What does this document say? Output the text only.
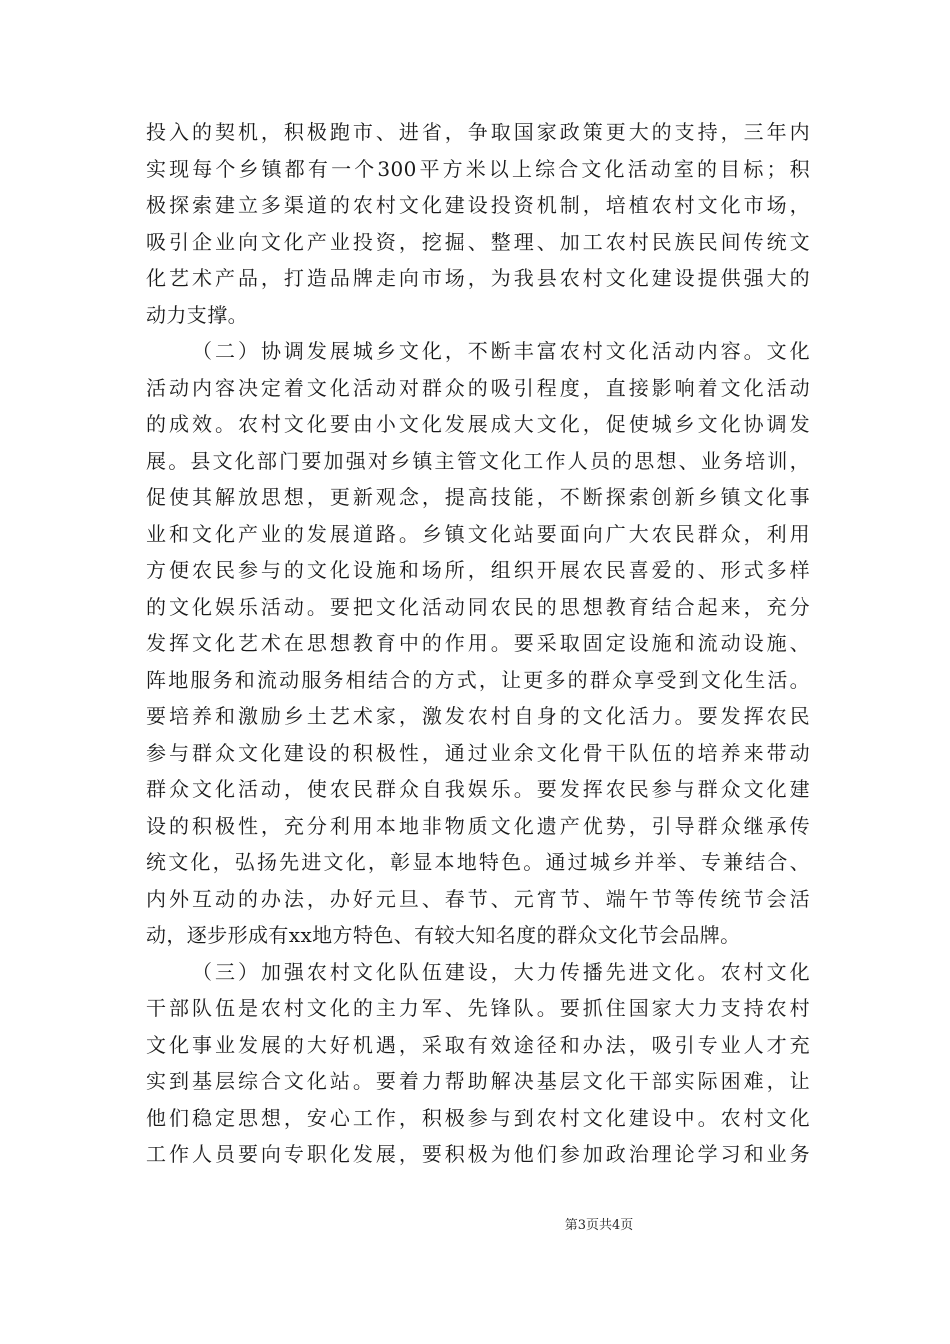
投入的契机，积极跑市、进省，争取国家政策更大的支持，三年内
实现每个乡镇都有一个300平方米以上综合文化活动室的目标；积
极探索建立多渠道的农村文化建设投资机制，培植农村文化市场，
吸引企业向文化产业投资，挖掘、整理、加工农村民族民间传统文
化艺术产品，打造品牌走向市场，为我县农村文化建设提供强大的
动力支撑。
（二）协调发展城乡文化，不断丰富农村文化活动内容。文化
活动内容决定着文化活动对群众的吸引程度，直接影响着文化活动
的成效。农村文化要由小文化发展成大文化，促使城乡文化协调发
展。县文化部门要加强对乡镇主管文化工作人员的思想、业务培训，
促使其解放思想，更新观念，提高技能，不断探索创新乡镇文化事
业和文化产业的发展道路。乡镇文化站要面向广大农民群众，利用
方便农民参与的文化设施和场所，组织开展农民喜爱的、形式多样
的文化娱乐活动。要把文化活动同农民的思想教育结合起来，充分
发挥文化艺术在思想教育中的作用。要采取固定设施和流动设施、
阵地服务和流动服务相结合的方式，让更多的群众享受到文化生活。
要培养和激励乡土艺术家，激发农村自身的文化活力。要发挥农民
参与群众文化建设的积极性，通过业余文化骨干队伍的培养来带动
群众文化活动，使农民群众自我娱乐。要发挥农民参与群众文化建
设的积极性，充分利用本地非物质文化遗产优势，引导群众继承传
统文化，弘扬先进文化，彰显本地特色。通过城乡并举、专兼结合、
内外互动的办法，办好元旦、春节、元宵节、端午节等传统节会活
动，逐步形成有xx地方特色、有较大知名度的群众文化节会品牌。
（三）加强农村文化队伍建设，大力传播先进文化。农村文化
干部队伍是农村文化的主力军、先锋队。要抓住国家大力支持农村
文化事业发展的大好机遇，采取有效途径和办法，吸引专业人才充
实到基层综合文化站。要着力帮助解决基层文化干部实际困难，让
他们稳定思想，安心工作，积极参与到农村文化建设中。农村文化
工作人员要向专职化发展，要积极为他们参加政治理论学习和业务
第3页共4页
